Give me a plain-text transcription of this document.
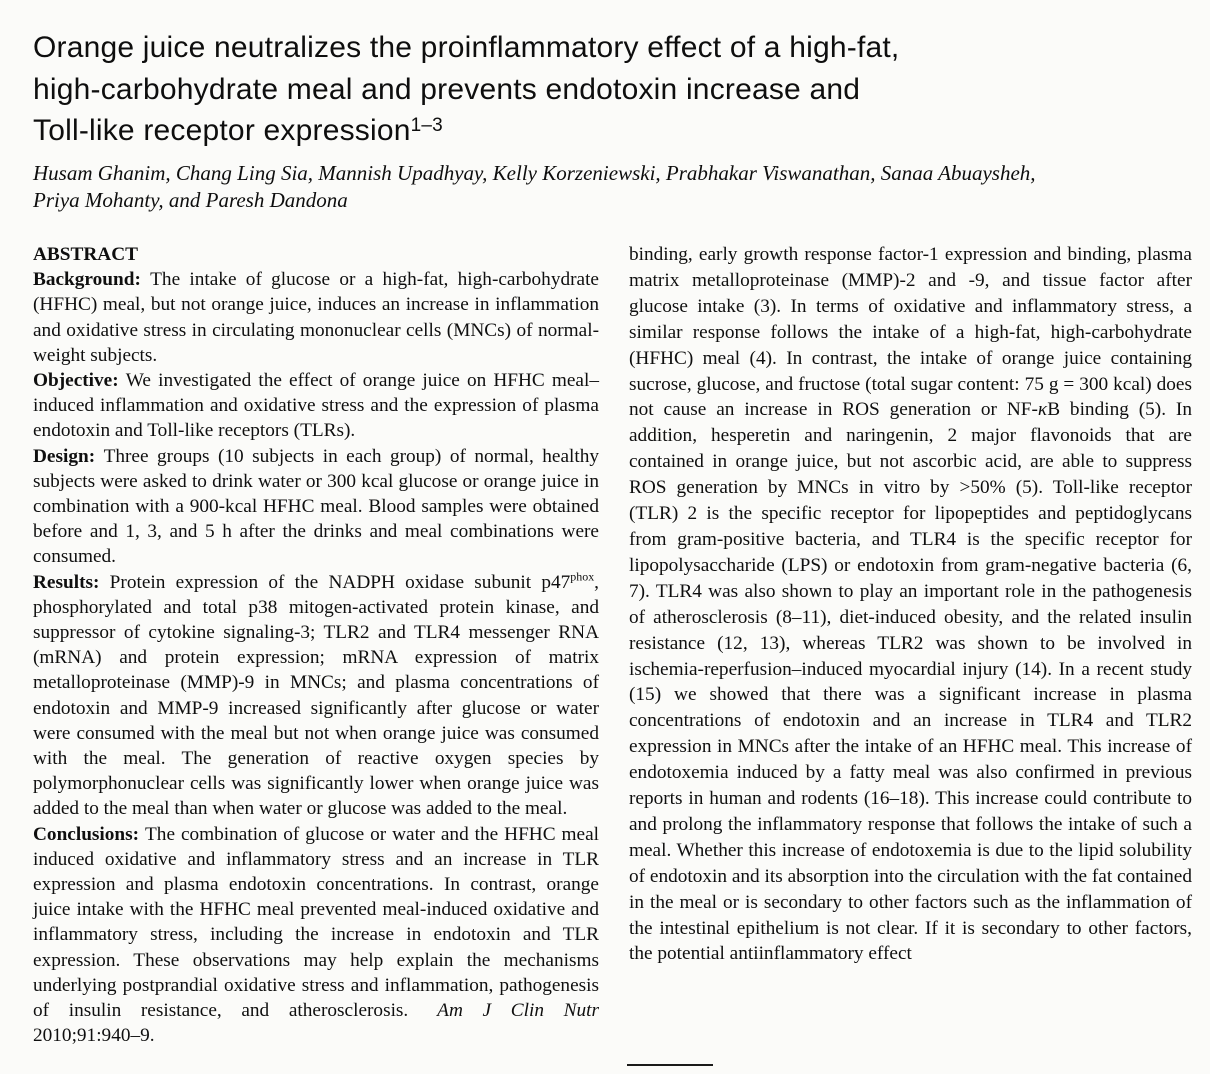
Orange juice neutralizes the proinflammatory effect of a high-fat,
high-carbohydrate meal and prevents endotoxin increase and
Toll-like receptor expression$^{1-3}$
Husam Ghanim, Chang Ling Sia, Mannish Upadhyay, Kelly Korzeniewski, Prabhakar Viswanathan, Sanaa Abuaysheh,
Priya Mohanty, and Paresh Dandona
ABSTRACT

Background: The intake of glucose or a high-fat, high-carbohydrate (HFHC) meal, but not orange juice, induces an increase in inflammation and oxidative stress in circulating mononuclear cells (MNCs) of normal-weight subjects.

Objective: We investigated the effect of orange juice on HFHC meal–induced inflammation and oxidative stress and the expression of plasma endotoxin and Toll-like receptors (TLRs).

Design: Three groups (10 subjects in each group) of normal, healthy subjects were asked to drink water or 300 kcal glucose or orange juice in combination with a 900-kcal HFHC meal. Blood samples were obtained before and 1, 3, and 5 h after the drinks and meal combinations were consumed.

Results: Protein expression of the NADPH oxidase subunit $p47^{phox}$, phosphorylated and total p38 mitogen-activated protein kinase, and suppressor of cytokine signaling-3; TLR2 and TLR4 messenger RNA (mRNA) and protein expression; mRNA expression of matrix metalloproteinase (MMP)-9 in MNCs; and plasma concentrations of endotoxin and MMP-9 increased significantly after glucose or water were consumed with the meal but not when orange juice was consumed with the meal. The generation of reactive oxygen species by polymorphonuclear cells was significantly lower when orange juice was added to the meal than when water or glucose was added to the meal.

Conclusions: The combination of glucose or water and the HFHC meal induced oxidative and inflammatory stress and an increase in TLR expression and plasma endotoxin concentrations. In contrast, orange juice intake with the HFHC meal prevented meal-induced oxidative and inflammatory stress, including the increase in endotoxin and TLR expression. These observations may help explain the mechanisms underlying postprandial oxidative stress and inflammation, pathogenesis of insulin resistance, and atherosclerosis.  Am J Clin Nutr 2010;91:940–9.

binding, early growth response factor-1 expression and binding, plasma matrix metalloproteinase (MMP)-2 and -9, and tissue factor after glucose intake (3). In terms of oxidative and inflammatory stress, a similar response follows the intake of a high-fat, high-carbohydrate (HFHC) meal (4). In contrast, the intake of orange juice containing sucrose, glucose, and fructose (total sugar content: 75 g = 300 kcal) does not cause an increase in ROS generation or NF-κB binding (5). In addition, hesperetin and naringenin, 2 major flavonoids that are contained in orange juice, but not ascorbic acid, are able to suppress ROS generation by MNCs in vitro by >50% (5). Toll-like receptor (TLR) 2 is the specific receptor for lipopeptides and peptidoglycans from gram-positive bacteria, and TLR4 is the specific receptor for lipopolysaccharide (LPS) or endotoxin from gram-negative bacteria (6, 7). TLR4 was also shown to play an important role in the pathogenesis of atherosclerosis (8–11), diet-induced obesity, and the related insulin resistance (12, 13), whereas TLR2 was shown to be involved in ischemia-reperfusion–induced myocardial injury (14). In a recent study (15) we showed that there was a significant increase in plasma concentrations of endotoxin and an increase in TLR4 and TLR2 expression in MNCs after the intake of an HFHC meal. This increase of endotoxemia induced by a fatty meal was also confirmed in previous reports in human and rodents (16–18). This increase could contribute to and prolong the inflammatory response that follows the intake of such a meal. Whether this increase of endotoxemia is due to the lipid solubility of endotoxin and its absorption into the circulation with the fat contained in the meal or is secondary to other factors such as the inflammation of the intestinal epithelium is not clear. If it is secondary to other factors, the potential antiinflammatory effect
